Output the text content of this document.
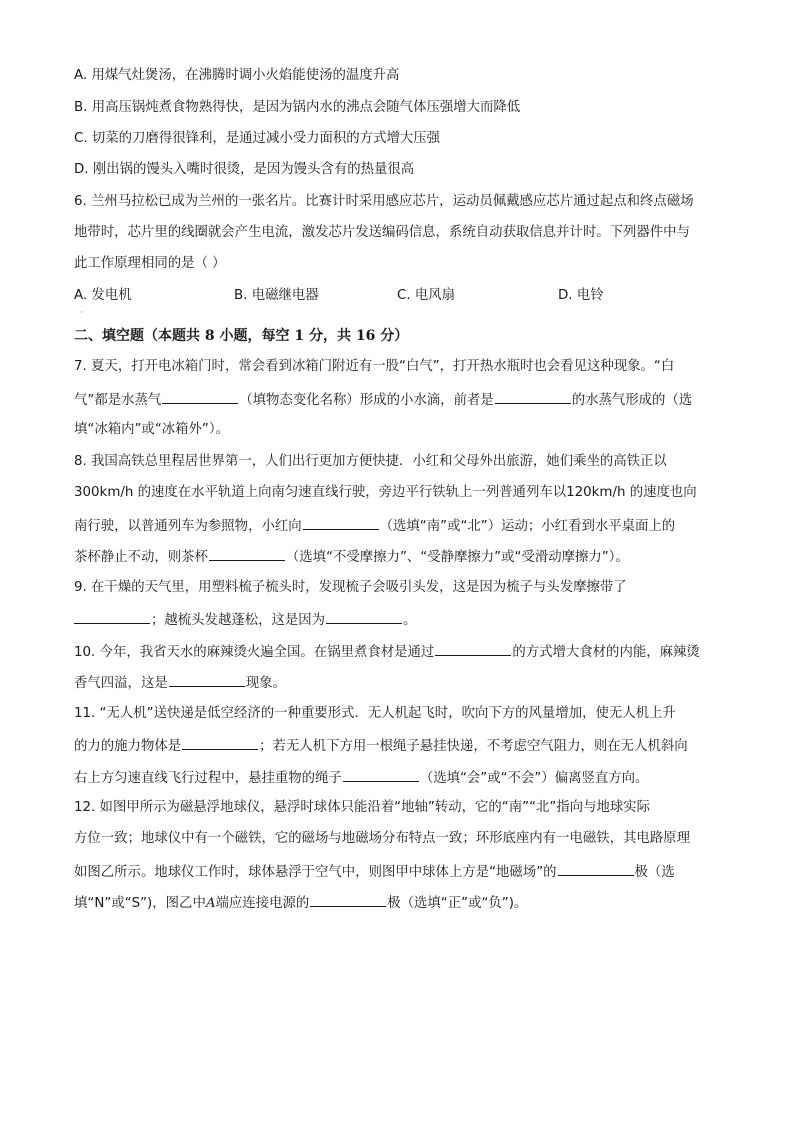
A. 用煤气灶煲汤，在沸腾时调小火焰能使汤的温度升高
B. 用高压锅炖煮食物熟得快，是因为锅内水的沸点会随气体压强增大而降低
C. 切菜的刀磨得很锋利，是通过减小受力面积的方式增大压强
D. 刚出锅的馒头入嘴时很烫，是因为馒头含有的热量很高
6. 兰州马拉松已成为兰州的一张名片。比赛计时采用感应芯片，运动员佩戴感应芯片通过起点和终点磁场
地带时，芯片里的线圈就会产生电流，激发芯片发送编码信息，系统自动获取信息并计时。下列器件中与
此工作原理相同的是（ ）
A. 发电机	B. 电磁继电器	C. 电风扇	D. 电铃
·
二、填空题（本题共 8 小题，每空 1 分，共 16 分）
7. 夏天，打开电冰箱门时，常会看到冰箱门附近有一股“白气”，打开热水瓶时也会看见这种现象。“白
气”都是水蒸气	（填物态变化名称）形成的小水滴，前者是	的水蒸气形成的（选
填“冰箱内”或“冰箱外”）。
8. 我国高铁总里程居世界第一，人们出行更加方便快捷．小红和父母外出旅游，她们乘坐的高铁正以
300km/h 的速度在水平轨道上向南匀速直线行驶，旁边平行铁轨上一列普通列车以120km/h 的速度也向
南行驶，以普通列车为参照物，小红向	（选填“南”或“北”）运动；小红看到水平桌面上的
茶杯静止不动，则茶杯	（选填“不受摩擦力”、“受静摩擦力”或“受滑动摩擦力”）。
9. 在干燥的天气里，用塑料梳子梳头时，发现梳子会吸引头发，这是因为梳子与头发摩擦带了
；越梳头发越蓬松，这是因为	。
10. 今年，我省天水的麻辣烫火遍全国。在锅里煮食材是通过	的方式增大食材的内能，麻辣烫
香气四溢，这是	现象。
11. “无人机”送快递是低空经济的一种重要形式．无人机起飞时，吹向下方的风量增加，使无人机上升
的力的施力物体是	；若无人机下方用一根绳子悬挂快递，不考虑空气阻力，则在无人机斜向
右上方匀速直线飞行过程中，悬挂重物的绳子	（选填“会”或“不会”）偏离竖直方向。
12. 如图甲所示为磁悬浮地球仪，悬浮时球体只能沿着“地轴”转动，它的“南”“北”指向与地球实际
方位一致；地球仪中有一个磁铁，它的磁场与地磁场分布特点一致；环形底座内有一电磁铁，其电路原理
如图乙所示。地球仪工作时，球体悬浮于空气中，则图甲中球体上方是“地磁场”的	极（选
填“N”或“S”)，图乙中A端应连接电源的	极（选填“正”或“负”)。
